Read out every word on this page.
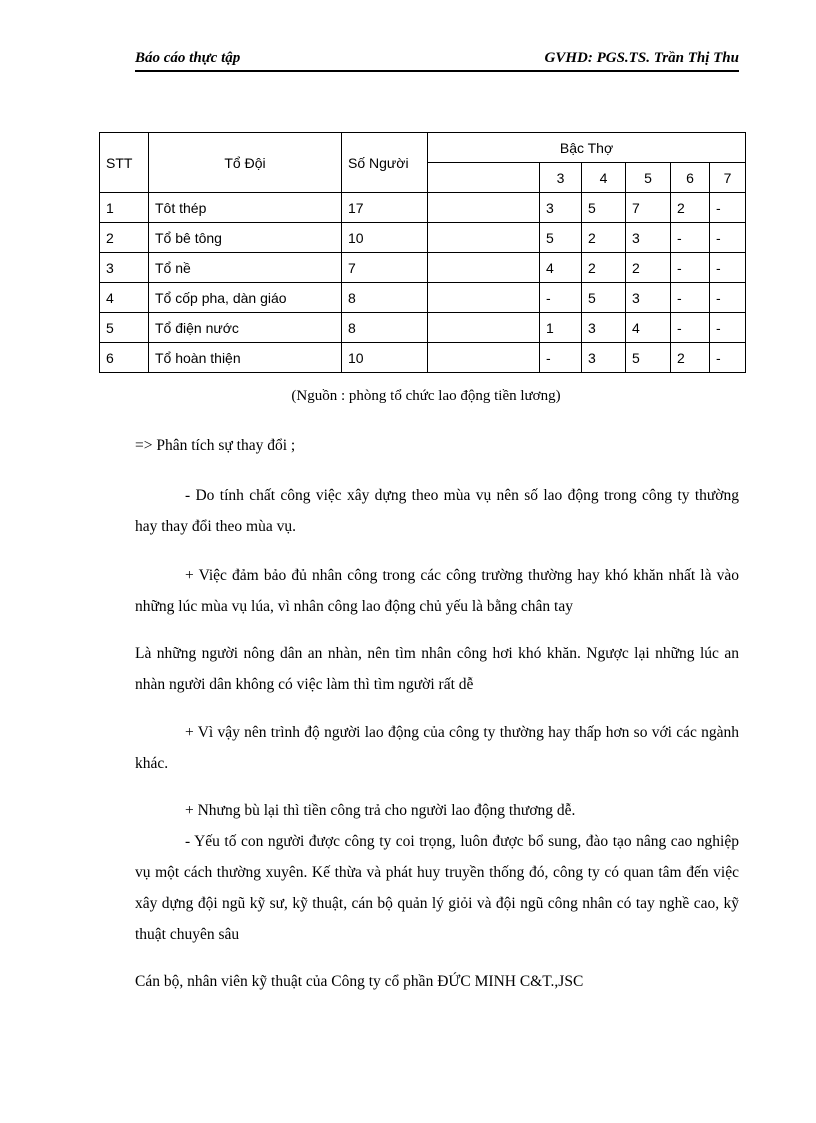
Báo cáo thực tập	GVHD: PGS.TS. Trần Thị Thu
STT	Tổ Đội	Số Người	Bậc Thợ					
				3	4	5	6	7
1	Tôt thép	17		3	5	7	2	-
2	Tổ bê tông	10		5	2	3	-	-
3	Tổ nề	7		4	2	2	-	-
4	Tổ cốp pha, dàn giáo	8		-	5	3	-	-
5	Tổ điện nước	8		1	3	4	-	-
6	Tổ hoàn thiện	10		-	3	5	2	-
(Nguồn : phòng tổ chức lao động tiền lương)
=> Phân tích sự thay đổi ;
- Do tính chất công việc xây dựng theo mùa vụ nên số lao động trong công ty thường hay thay đổi theo mùa vụ.
+ Việc đảm bảo đủ nhân công trong các công trường thường hay khó khăn nhất là vào những lúc mùa vụ lúa, vì nhân công lao động chủ yếu là bằng chân tay
Là những người nông dân an nhàn, nên tìm nhân công hơi khó khăn. Ngược lại những lúc an nhàn người dân không có việc làm thì tìm người rất dễ
+ Vì vậy nên trình độ người lao động của công ty thường hay thấp hơn so với các ngành khác.
+ Nhưng bù lại thì tiền công trả cho người lao động thương dễ.
- Yếu tố con người được công ty coi trọng, luôn được bổ sung, đào tạo nâng cao nghiệp vụ một cách thường xuyên. Kế thừa và phát huy truyền thống đó, công ty có quan tâm đến việc xây dựng đội ngũ kỹ sư, kỹ thuật, cán bộ quản lý giỏi và đội ngũ công nhân có tay nghề cao, kỹ thuật chuyên sâu
Cán bộ, nhân viên kỹ thuật của Công ty cổ phần ĐỨC MINH C&T.,JSC
